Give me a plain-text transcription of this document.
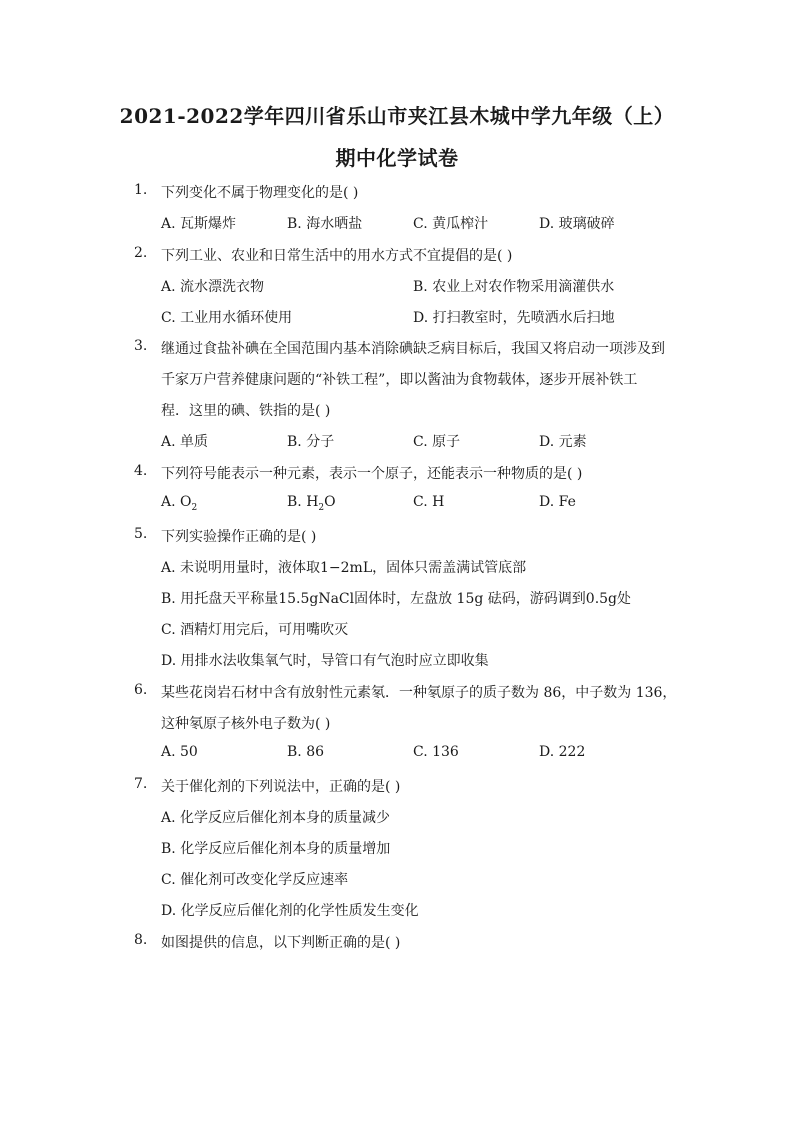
2021-2022学年四川省乐山市夹江县木城中学九年级（上）
期中化学试卷
1. 下列变化不属于物理变化的是( )
A. 瓦斯爆炸	B. 海水晒盐	C. 黄瓜榨汁	D. 玻璃破碎
2. 下列工业、农业和日常生活中的用水方式不宜提倡的是( )
A. 流水漂洗衣物	B. 农业上对农作物采用滴灌供水
C. 工业用水循环使用	D. 打扫教室时，先喷洒水后扫地
3. 继通过食盐补碘在全国范围内基本消除碘缺乏病目标后，我国又将启动一项涉及到
千家万户营养健康问题的“补铁工程”，即以酱油为食物载体，逐步开展补铁工
程．这里的碘、铁指的是( )
A. 单质	B. 分子	C. 原子	D. 元素
4. 下列符号能表示一种元素，表示一个原子，还能表示一种物质的是( )
A. $O_2$	B. $H_2O$	C. H	D. Fe
5. 下列实验操作正确的是( )
A. 未说明用量时，液体取1−2mL，固体只需盖满试管底部
B. 用托盘天平称量15.5gNaCl固体时，左盘放 15g 砝码，游码调到0.5g处
C. 酒精灯用完后，可用嘴吹灭
D. 用排水法收集氧气时，导管口有气泡时应立即收集
6. 某些花岗岩石材中含有放射性元素氡．一种氡原子的质子数为 86，中子数为 136，
这种氡原子核外电子数为( )
A. 50	B. 86	C. 136	D. 222
7. 关于催化剂的下列说法中，正确的是( )
A. 化学反应后催化剂本身的质量减少
B. 化学反应后催化剂本身的质量增加
C. 催化剂可改变化学反应速率
D. 化学反应后催化剂的化学性质发生变化
8. 如图提供的信息，以下判断正确的是( )
